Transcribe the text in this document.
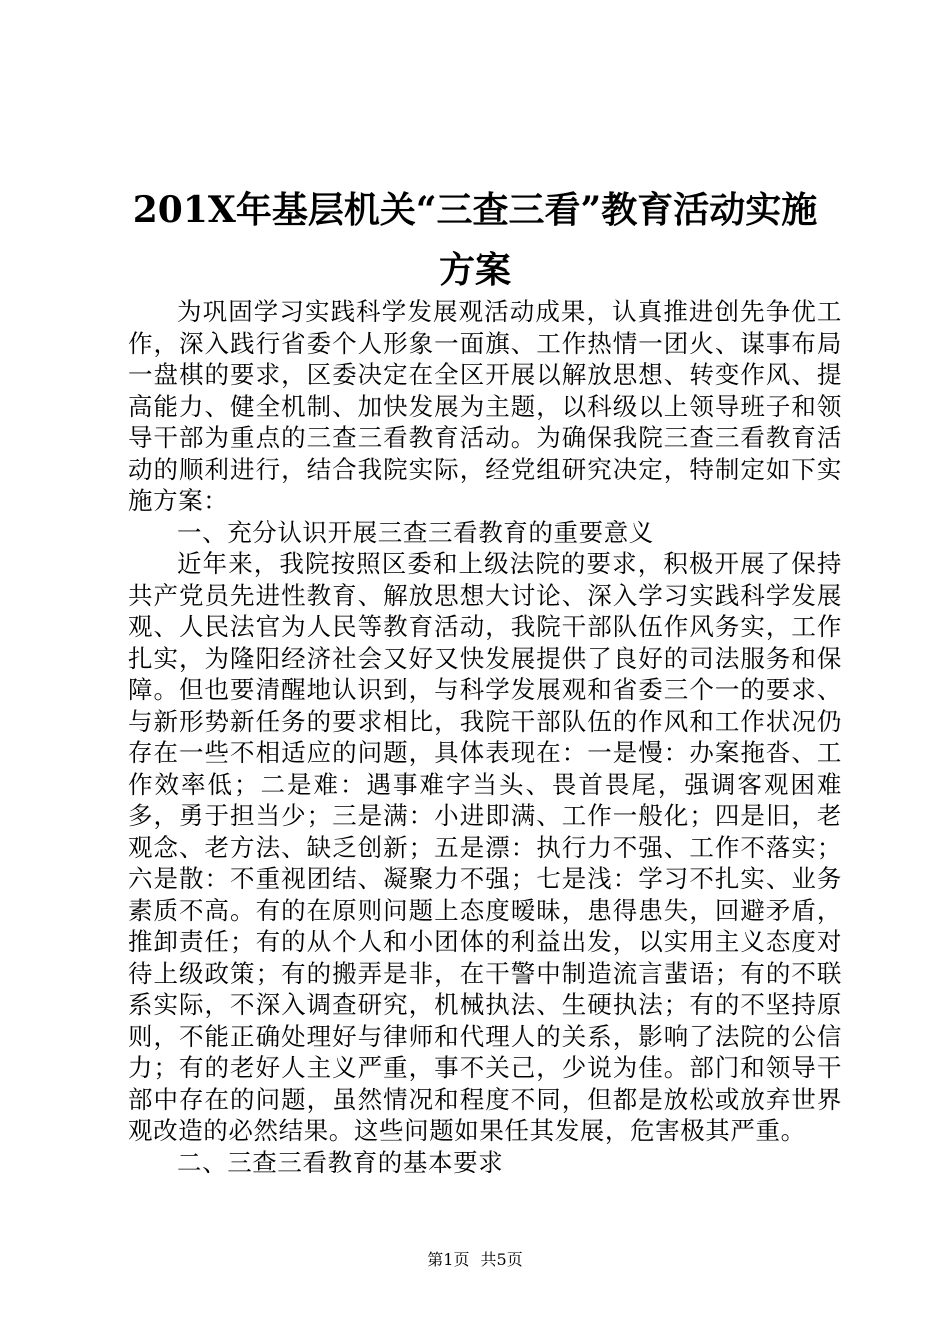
201X年基层机关“三查三看”教育活动实施
方案

为巩固学习实践科学发展观活动成果，认真推进创先争优工作，深入践行省委个人形象一面旗、工作热情一团火、谋事布局一盘棋的要求，区委决定在全区开展以解放思想、转变作风、提高能力、健全机制、加快发展为主题，以科级以上领导班子和领导干部为重点的三查三看教育活动。为确保我院三查三看教育活动的顺利进行，结合我院实际，经党组研究决定，特制定如下实施方案：

一、充分认识开展三查三看教育的重要意义

近年来，我院按照区委和上级法院的要求，积极开展了保持共产党员先进性教育、解放思想大讨论、深入学习实践科学发展观、人民法官为人民等教育活动，我院干部队伍作风务实，工作扎实，为隆阳经济社会又好又快发展提供了良好的司法服务和保障。但也要清醒地认识到，与科学发展观和省委三个一的要求、与新形势新任务的要求相比，我院干部队伍的作风和工作状况仍存在一些不相适应的问题，具体表现在：一是慢：办案拖沓、工作效率低；二是难：遇事难字当头、畏首畏尾，强调客观困难多，勇于担当少；三是满：小进即满、工作一般化；四是旧，老观念、老方法、缺乏创新；五是漂：执行力不强、工作不落实；六是散：不重视团结、凝聚力不强；七是浅：学习不扎实、业务素质不高。有的在原则问题上态度暧昧，患得患失，回避矛盾，推卸责任；有的从个人和小团体的利益出发，以实用主义态度对待上级政策；有的搬弄是非，在干警中制造流言蜚语；有的不联系实际，不深入调查研究，机械执法、生硬执法；有的不坚持原则，不能正确处理好与律师和代理人的关系，影响了法院的公信力；有的老好人主义严重，事不关己，少说为佳。部门和领导干部中存在的问题，虽然情况和程度不同，但都是放松或放弃世界观改造的必然结果。这些问题如果任其发展，危害极其严重。

二、三查三看教育的基本要求

第1页 共5页
